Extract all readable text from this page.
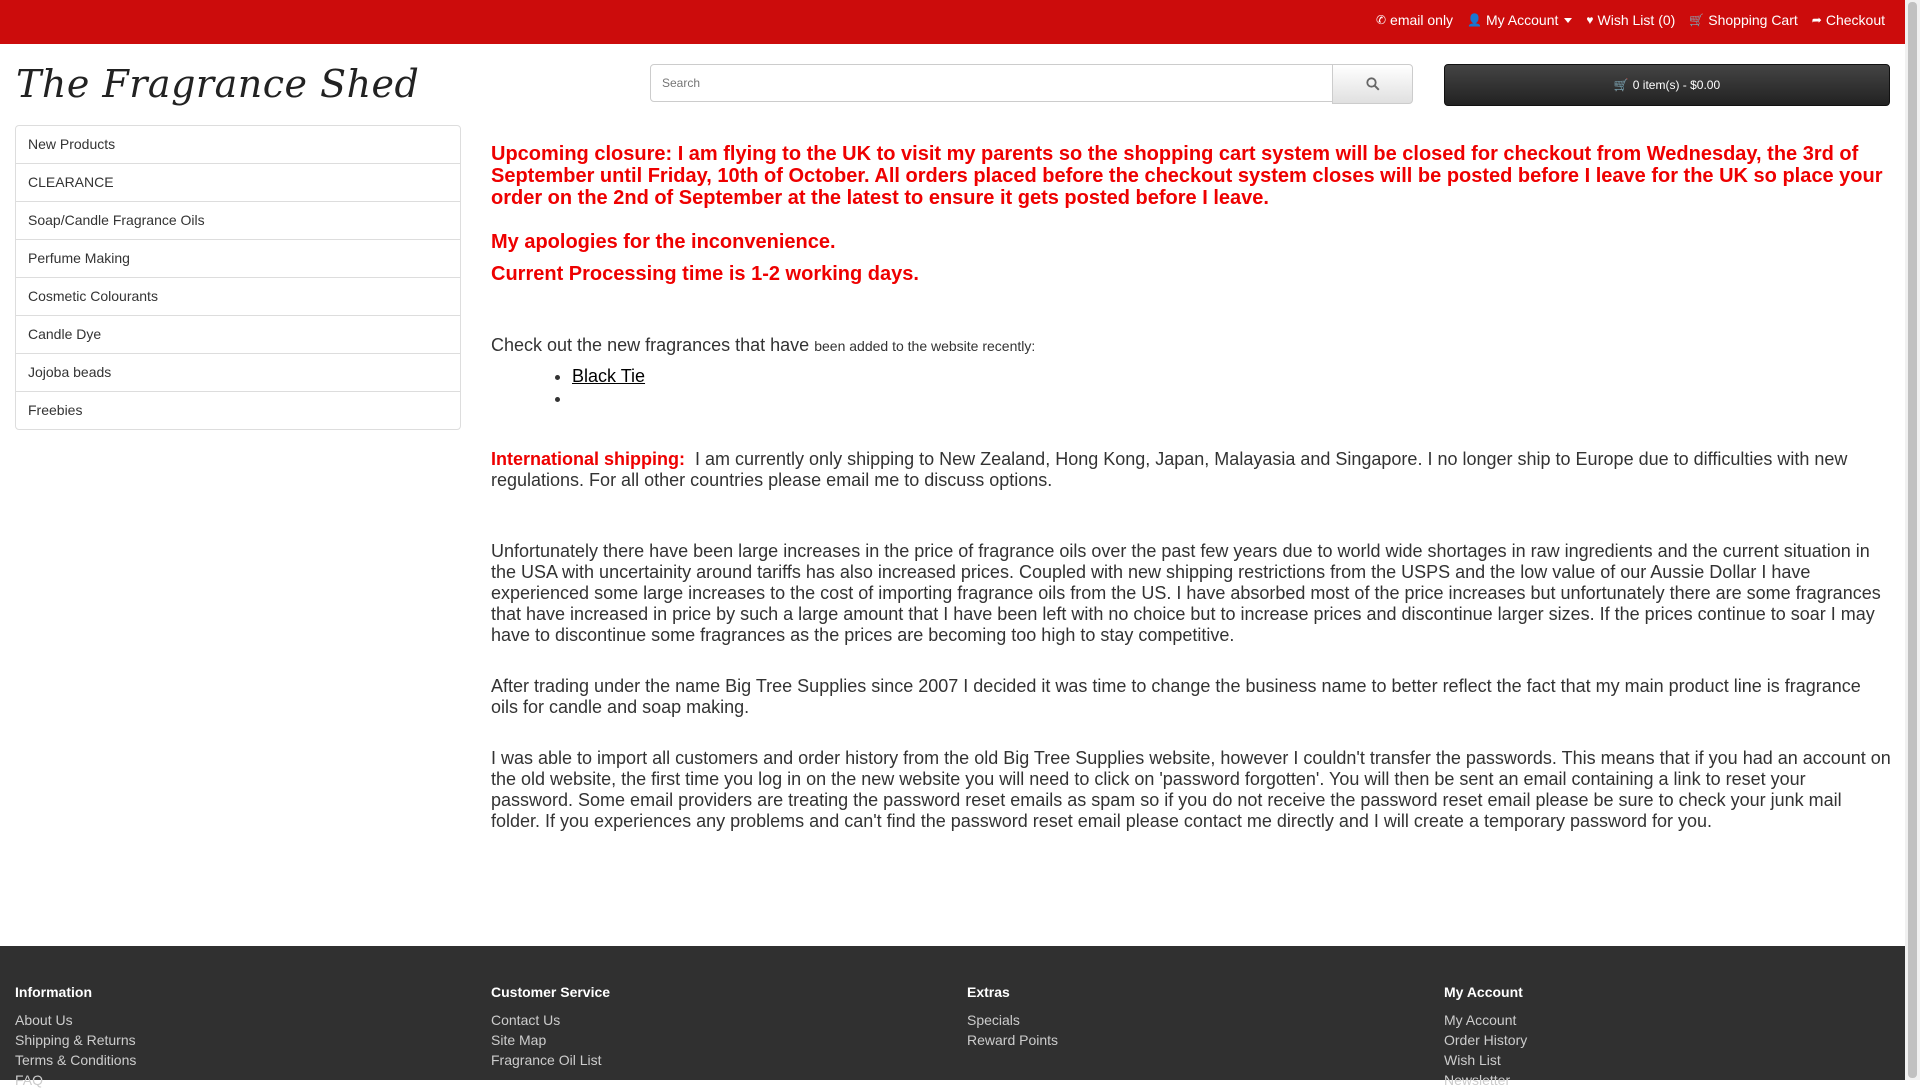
✆ email only 👤 My Account ♥ Wish List (0) 🛒 Shopping Cart ➦ Checkout
The Fragrance Shed
Search	🛒 0 item(s) - $0.00
New Products
CLEARANCE
Soap/Candle Fragrance Oils
Perfume Making
Cosmetic Colourants
Candle Dye
Jojoba beads
Freebies

Upcoming closure: I am flying to the UK to visit my parents so the shopping cart system will be closed for checkout from Wednesday, the 3rd of September until Friday, 10th of October. All orders placed before the checkout system closes will be posted before I leave for the UK so place your order on the 2nd of September at the latest to ensure it gets posted before I leave.

My apologies for the inconvenience.

Current Processing time is 1-2 working days.

Check out the new fragrances that have been added to the website recently:

• Black Tie
•

International shipping: I am currently only shipping to New Zealand, Hong Kong, Japan, Malayasia and Singapore. I no longer ship to Europe due to difficulties with new regulations. For all other countries please email me to discuss options.

Unfortunately there have been large increases in the price of fragrance oils over the past few years due to world wide shortages in raw ingredients and the current situation in the USA with uncertainity around tariffs has also increased prices. Coupled with new shipping restrictions from the USPS and the low value of our Aussie Dollar I have experienced some large increases to the cost of importing fragrance oils from the US. I have absorbed most of the price increases but unfortunately there are some fragrances that have increased in price by such a large amount that I have been left with no choice but to increase prices and discontinue larger sizes. If the prices continue to soar I may have to discontinue some fragrances as the prices are becoming too high to stay competitive.

After trading under the name Big Tree Supplies since 2007 I decided it was time to change the business name to better reflect the fact that my main product line is fragrance oils for candle and soap making.

I was able to import all customers and order history from the old Big Tree Supplies website, however I couldn't transfer the passwords. This means that if you had an account on the old website, the first time you log in on the new website you will need to click on 'password forgotten'. You will then be sent an email containing a link to reset your password. Some email providers are treating the password reset emails as spam so if you do not receive the password reset email please be sure to check your junk mail folder. If you experiences any problems and can't find the password reset email please contact me directly and I will create a temporary password for you.

Information
About Us
Shipping & Returns
Terms & Conditions
FAQ
Customer Service
Contact Us
Site Map
Fragrance Oil List
Extras
Specials
Reward Points
My Account
My Account
Order History
Wish List
Newsletter
